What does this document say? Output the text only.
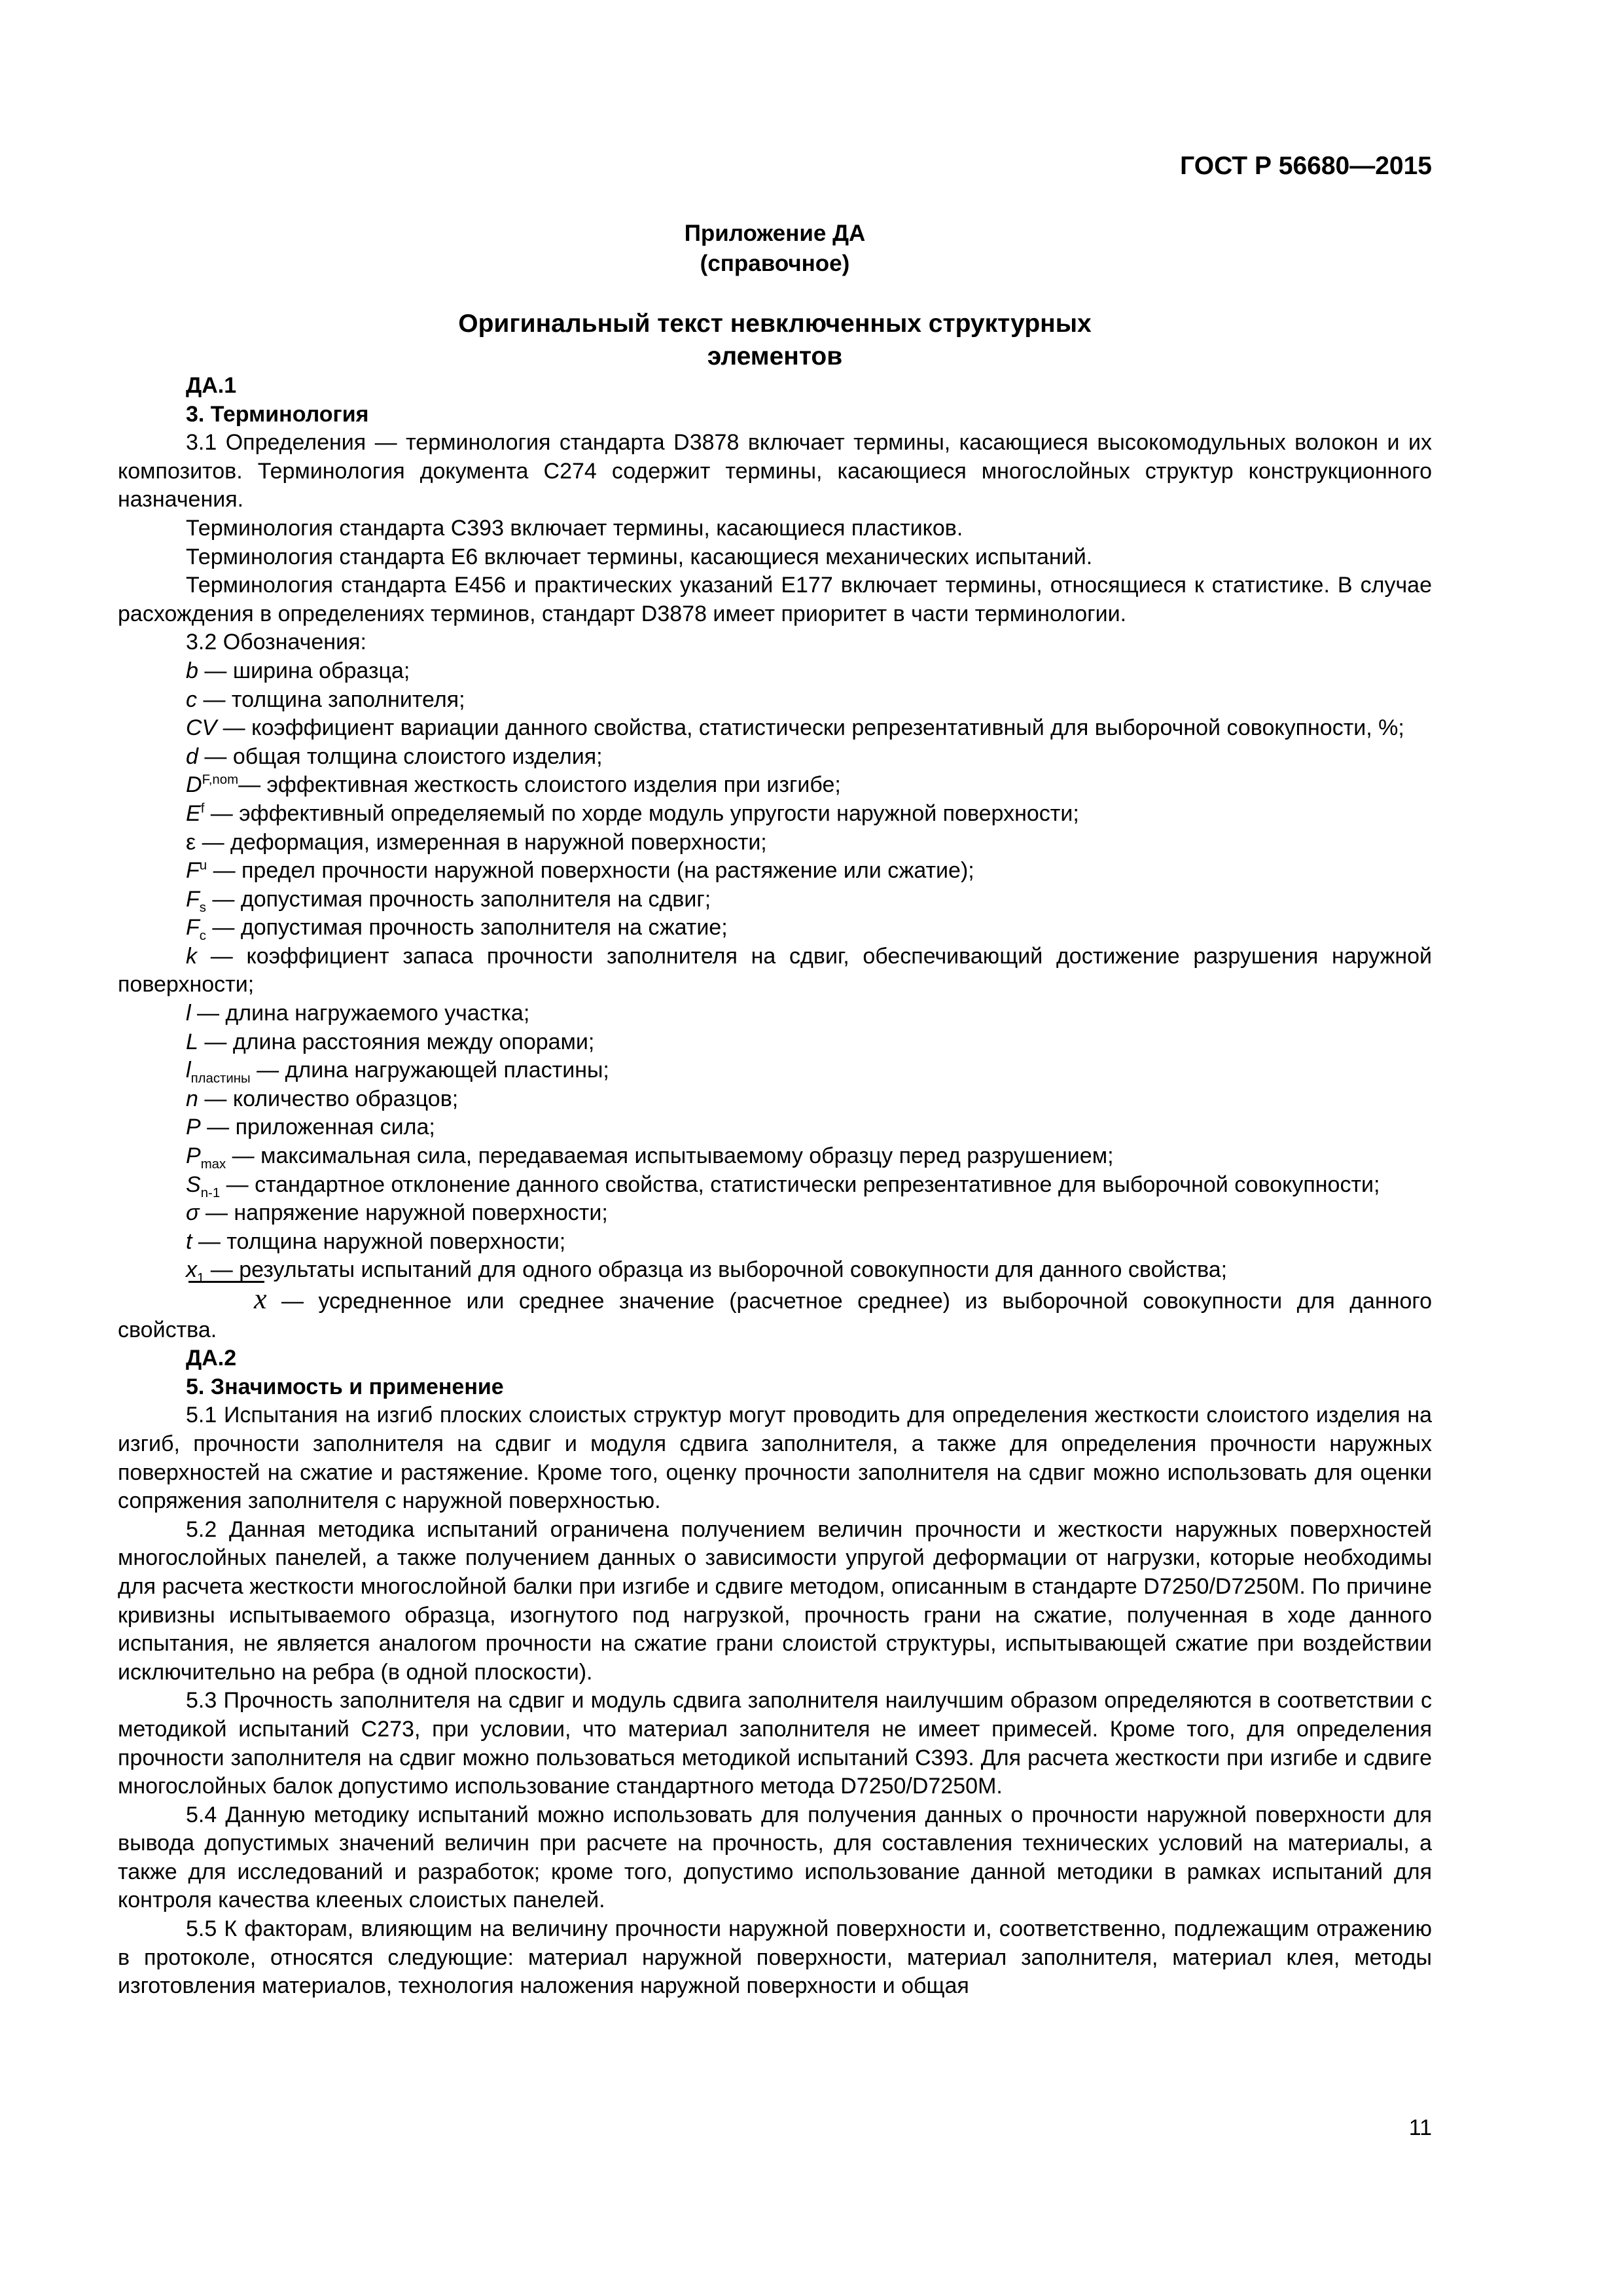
ГОСТ Р 56680—2015
Приложение ДА
(справочное)
Оригинальный текст невключенных структурных
элементов

ДА.1

3. Терминология

3.1 Определения — терминология стандарта D3878 включает термины, касающиеся высокомодульных волокон и их композитов. Терминология документа C274 содержит термины, касающиеся многослойных структур конструкционного назначения.

Терминология стандарта C393 включает термины, касающиеся пластиков.

Терминология стандарта E6 включает термины, касающиеся механических испытаний.

Терминология стандарта E456 и практических указаний E177 включает термины, относящиеся к статистике. В случае расхождения в определениях терминов, стандарт D3878 имеет приоритет в части терминологии.

3.2 Обозначения:

b — ширина образца;

c — толщина заполнителя;

CV — коэффициент вариации данного свойства, статистически репрезентативный для выборочной совокупности, %;

d — общая толщина слоистого изделия;

$D^{F,nom}—$ эффективная жесткость слоистого изделия при изгибе;

$E^f$ — эффективный определяемый по хорде модуль упругости наружной поверхности;

ε — деформация, измеренная в наружной поверхности;

$F^u$ — предел прочности наружной поверхности (на растяжение или сжатие);

$F_s$ — допустимая прочность заполнителя на сдвиг;

$F_c$ — допустимая прочность заполнителя на сжатие;

k — коэффициент запаса прочности заполнителя на сдвиг, обеспечивающий достижение разрушения наружной поверхности;

l — длина нагружаемого участка;

L — длина расстояния между опорами;

$l_{пластины}$ — длина нагружающей пластины;

n — количество образцов;

P — приложенная сила;

$P_{max}$ — максимальная сила, передаваемая испытываемому образцу перед разрушением;

$S_{n-1}$ — стандартное отклонение данного свойства, статистически репрезентативное для выборочной совокупности;

σ — напряжение наружной поверхности;

t — толщина наружной поверхности;

$x_1$ — результаты испытаний для одного образца из выборочной совокупности для данного свойства;

x — усредненное или среднее значение (расчетное среднее) из выборочной совокупности для данного свойства.

ДА.2

5. Значимость и применение

5.1 Испытания на изгиб плоских слоистых структур могут проводить для определения жесткости слоистого изделия на изгиб, прочности заполнителя на сдвиг и модуля сдвига заполнителя, а также для определения прочности наружных поверхностей на сжатие и растяжение. Кроме того, оценку прочности заполнителя на сдвиг можно использовать для оценки сопряжения заполнителя с наружной поверхностью.

5.2 Данная методика испытаний ограничена получением величин прочности и жесткости наружных поверхностей многослойных панелей, а также получением данных о зависимости упругой деформации от нагрузки, которые необходимы для расчета жесткости многослойной балки при изгибе и сдвиге методом, описанным в стандарте D7250/D7250M. По причине кривизны испытываемого образца, изогнутого под нагрузкой, прочность грани на сжатие, полученная в ходе данного испытания, не является аналогом прочности на сжатие грани слоистой структуры, испытывающей сжатие при воздействии исключительно на ребра (в одной плоскости).

5.3 Прочность заполнителя на сдвиг и модуль сдвига заполнителя наилучшим образом определяются в соответствии с методикой испытаний C273, при условии, что материал заполнителя не имеет примесей. Кроме того, для определения прочности заполнителя на сдвиг можно пользоваться методикой испытаний C393. Для расчета жесткости при изгибе и сдвиге многослойных балок допустимо использование стандартного метода D7250/D7250M.

5.4 Данную методику испытаний можно использовать для получения данных о прочности наружной поверхности для вывода допустимых значений величин при расчете на прочность, для составления технических условий на материалы, а также для исследований и разработок; кроме того, допустимо использование данной методики в рамках испытаний для контроля качества клееных слоистых панелей.

5.5 К факторам, влияющим на величину прочности наружной поверхности и, соответственно, подлежащим отражению в протоколе, относятся следующие: материал наружной поверхности, материал заполнителя, материал клея, методы изготовления материалов, технология наложения наружной поверхности и общая

11
